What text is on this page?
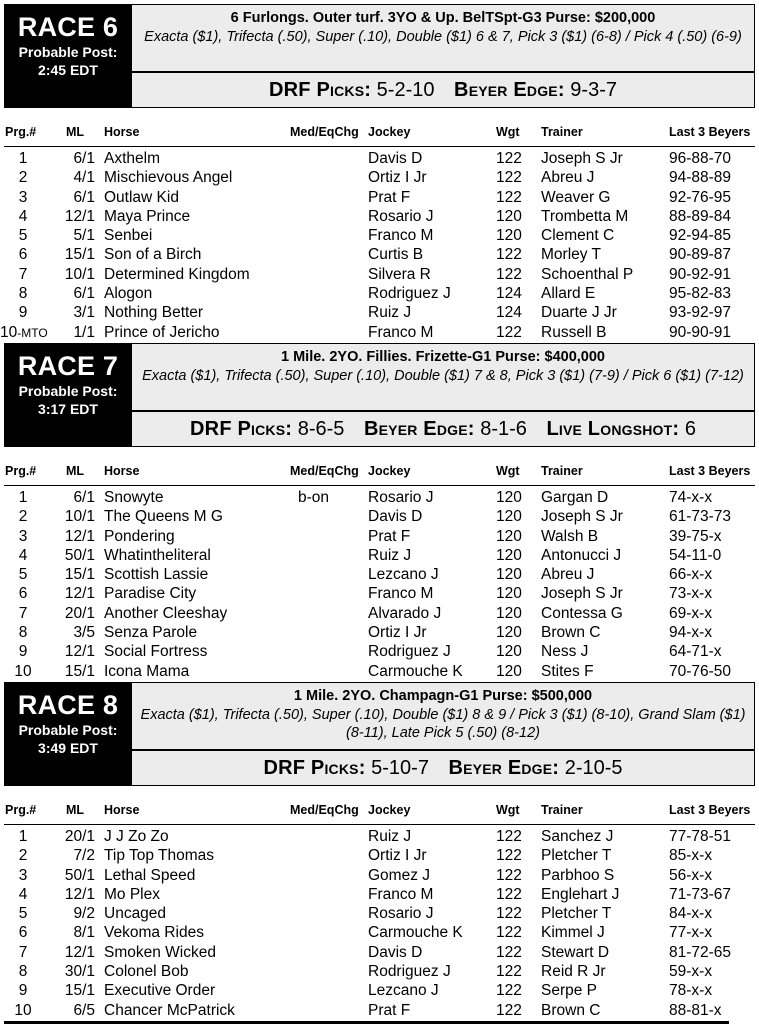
RACE 6
Probable Post:
2:45 EDT
6 Furlongs. Outer turf. 3YO & Up. BelTSpt-G3 Purse: $200,000
Exacta ($1), Trifecta (.50), Super (.10), Double ($1) 6 & 7, Pick 3 ($1) (6-8) / Pick 4 (.50) (6-9)
DRF Picks: 5-2-10 Beyer Edge: 9-3-7
Prg.# ML Horse	Med/EqChg Jockey	Wgt Trainer	Last 3 Beyers
1	6/1 Axthelm	Davis D	122 Joseph S Jr	96-88-70
2	4/1 Mischievous Angel	Ortiz I Jr	122 Abreu J	94-88-89
3	6/1 Outlaw Kid	Prat F	122 Weaver G	92-76-95
4	12/1 Maya Prince	Rosario J	120 Trombetta M	88-89-84
5	5/1 Senbei	Franco M	120 Clement C	92-94-85
6	15/1 Son of a Birch	Curtis B	122 Morley T	90-89-87
7	10/1 Determined Kingdom	Silvera R	122 Schoenthal P 90-92-91
8	6/1 Alogon	Rodriguez J	124 Allard E	95-82-83
9	3/1 Nothing Better	Ruiz J	124 Duarte J Jr	93-92-97
10-MTO	1/1 Prince of Jericho	Franco M	122 Russell B	90-90-91
RACE 7
Probable Post:
3:17 EDT
1 Mile. 2YO. Fillies. Frizette-G1 Purse: $400,000
Exacta ($1), Trifecta (.50), Super (.10), Double ($1) 7 & 8, Pick 3 ($1) (7-9) / Pick 6 ($1) (7-12)
DRF Picks: 8-6-5 Beyer Edge: 8-1-6 Live Longshot: 6
Prg.# ML Horse	Med/EqChg Jockey	Wgt Trainer	Last 3 Beyers
1	6/1 Snowyte	b-on	Rosario J	120 Gargan D	74-x-x
2	10/1 The Queens M G	Davis D	120 Joseph S Jr	61-73-73
3	12/1 Pondering	Prat F	120 Walsh B	39-75-x
4	50/1 Whatintheliteral	Ruiz J	120 Antonucci J	54-11-0
5	15/1 Scottish Lassie	Lezcano J	120 Abreu J	66-x-x
6	12/1 Paradise City	Franco M	120 Joseph S Jr	73-x-x
7	20/1 Another Cleeshay	Alvarado J	120 Contessa G	69-x-x
8	3/5 Senza Parole	Ortiz I Jr	120 Brown C	94-x-x
9	12/1 Social Fortress	Rodriguez J	120 Ness J	64-71-x
10	15/1 Icona Mama	Carmouche K 120 Stites F	70-76-50
RACE 8
Probable Post:
3:49 EDT
1 Mile. 2YO. Champagn-G1 Purse: $500,000
Exacta ($1), Trifecta (.50), Super (.10), Double ($1) 8 & 9 / Pick 3 ($1) (8-10), Grand Slam ($1) (8-11), Late Pick 5 (.50) (8-12)
DRF Picks: 5-10-7 Beyer Edge: 2-10-5
Prg.# ML Horse	Med/EqChg Jockey	Wgt Trainer	Last 3 Beyers
1	20/1 J J Zo Zo	Ruiz J	122 Sanchez J	77-78-51
2	7/2 Tip Top Thomas	Ortiz I Jr	122 Pletcher T	85-x-x
3	50/1 Lethal Speed	Gomez J	122 Parbhoo S	56-x-x
4	12/1 Mo Plex	Franco M	122 Englehart J	71-73-67
5	9/2 Uncaged	Rosario J	122 Pletcher T	84-x-x
6	8/1 Vekoma Rides	Carmouche K 122 Kimmel J	77-x-x
7	12/1 Smoken Wicked	Davis D	122 Stewart D	81-72-65
8	30/1 Colonel Bob	Rodriguez J	122 Reid R Jr	59-x-x
9	15/1 Executive Order	Lezcano J	122 Serpe P	78-x-x
10	6/5 Chancer McPatrick	Prat F	122 Brown C	88-81-x
